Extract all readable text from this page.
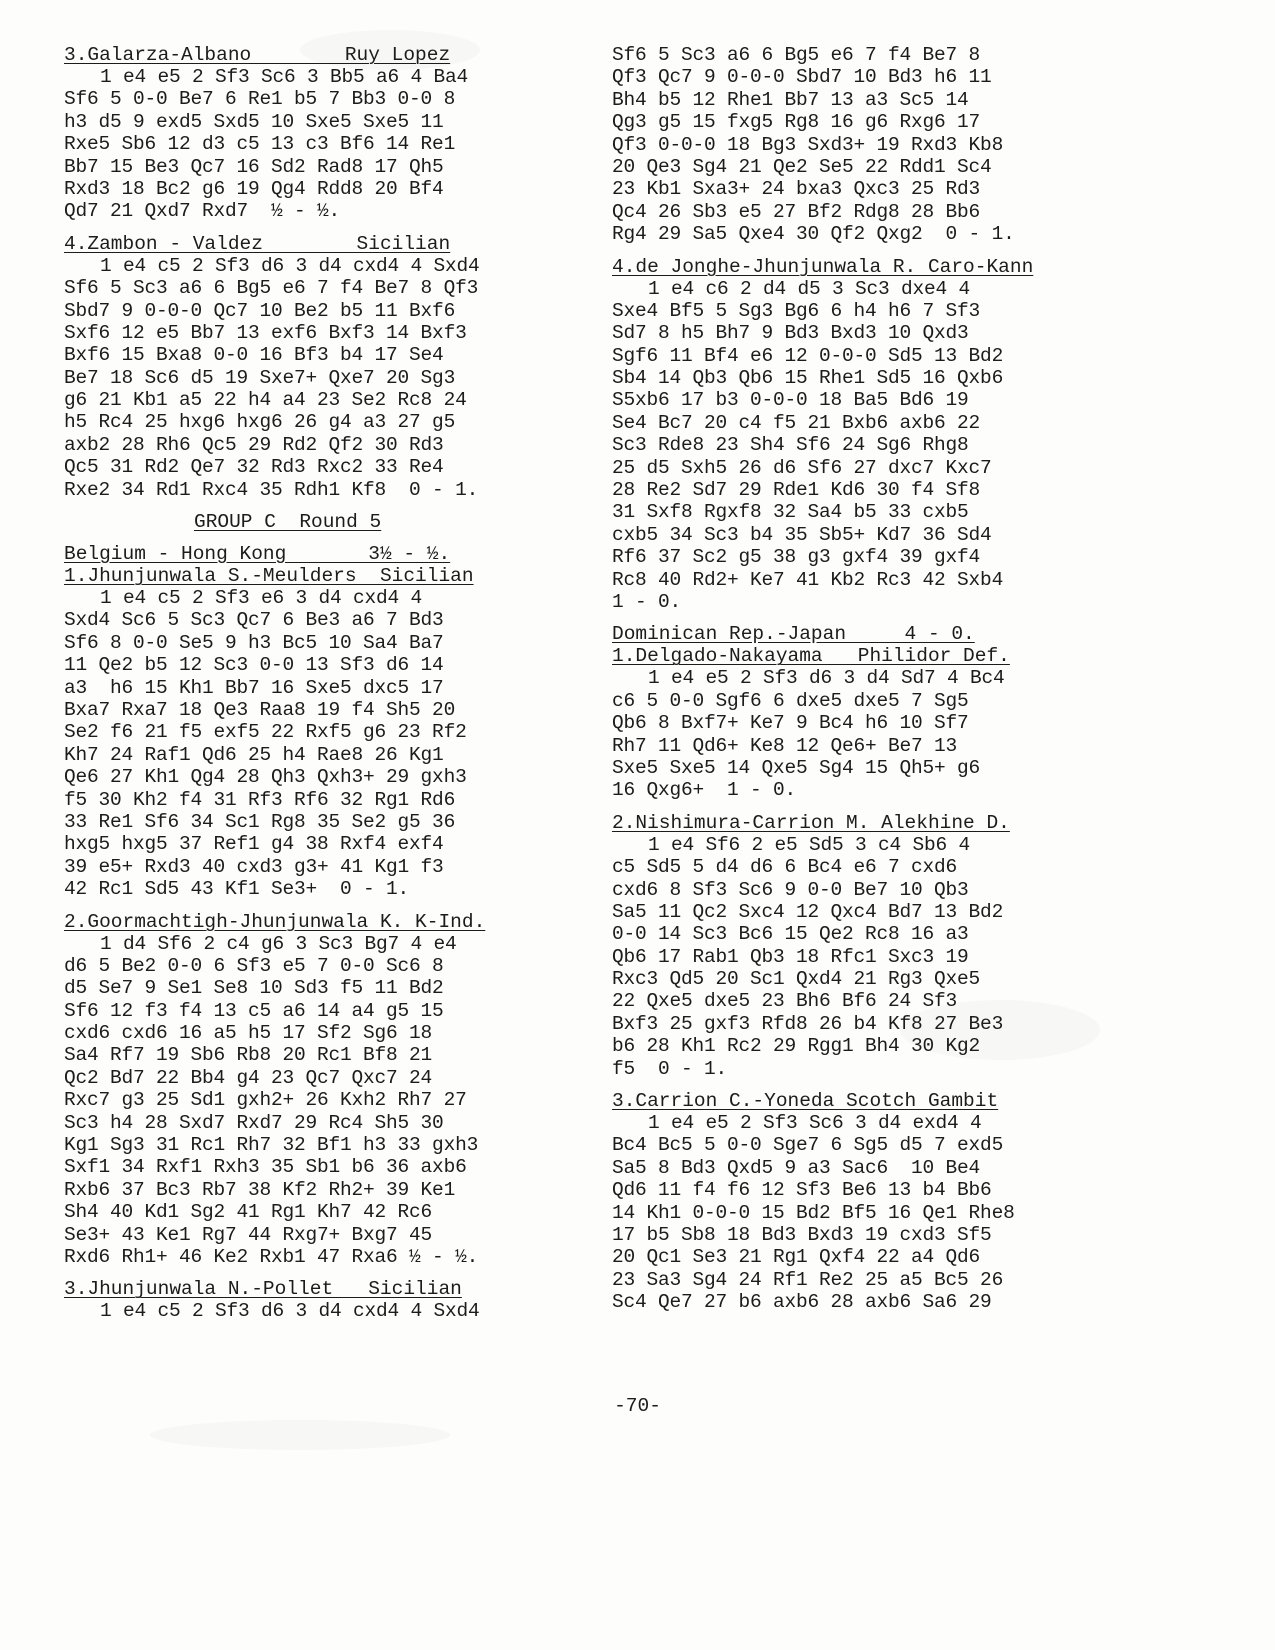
3.Galarza-Albano        Ruy Lopez
1 e4 e5 2 Sf3 Sc6 3 Bb5 a6 4 Ba4
Sf6 5 0-0 Be7 6 Re1 b5 7 Bb3 0-0 8
h3 d5 9 exd5 Sxd5 10 Sxe5 Sxe5 11
Rxe5 Sb6 12 d3 c5 13 c3 Bf6 14 Re1
Bb7 15 Be3 Qc7 16 Sd2 Rad8 17 Qh5
Rxd3 18 Bc2 g6 19 Qg4 Rdd8 20 Bf4
Qd7 21 Qxd7 Rxd7  ½ - ½.
4.Zambon - Valdez        Sicilian
1 e4 c5 2 Sf3 d6 3 d4 cxd4 4 Sxd4
Sf6 5 Sc3 a6 6 Bg5 e6 7 f4 Be7 8 Qf3
Sbd7 9 0-0-0 Qc7 10 Be2 b5 11 Bxf6
Sxf6 12 e5 Bb7 13 exf6 Bxf3 14 Bxf3
Bxf6 15 Bxa8 0-0 16 Bf3 b4 17 Se4
Be7 18 Sc6 d5 19 Sxe7+ Qxe7 20 Sg3
g6 21 Kb1 a5 22 h4 a4 23 Se2 Rc8 24
h5 Rc4 25 hxg6 hxg6 26 g4 a3 27 g5
axb2 28 Rh6 Qc5 29 Rd2 Qf2 30 Rd3
Qc5 31 Rd2 Qe7 32 Rd3 Rxc2 33 Re4
Rxe2 34 Rd1 Rxc4 35 Rdh1 Kf8  0 - 1.
GROUP C  Round 5
Belgium - Hong Kong       3½ - ½.
1.Jhunjunwala S.-Meulders  Sicilian
1 e4 c5 2 Sf3 e6 3 d4 cxd4 4
Sxd4 Sc6 5 Sc3 Qc7 6 Be3 a6 7 Bd3
Sf6 8 0-0 Se5 9 h3 Bc5 10 Sa4 Ba7
11 Qe2 b5 12 Sc3 0-0 13 Sf3 d6 14
a3  h6 15 Kh1 Bb7 16 Sxe5 dxc5 17
Bxa7 Rxa7 18 Qe3 Raa8 19 f4 Sh5 20
Se2 f6 21 f5 exf5 22 Rxf5 g6 23 Rf2
Kh7 24 Raf1 Qd6 25 h4 Rae8 26 Kg1
Qe6 27 Kh1 Qg4 28 Qh3 Qxh3+ 29 gxh3
f5 30 Kh2 f4 31 Rf3 Rf6 32 Rg1 Rd6
33 Re1 Sf6 34 Sc1 Rg8 35 Se2 g5 36
hxg5 hxg5 37 Ref1 g4 38 Rxf4 exf4
39 e5+ Rxd3 40 cxd3 g3+ 41 Kg1 f3
42 Rc1 Sd5 43 Kf1 Se3+  0 - 1.
2.Goormachtigh-Jhunjunwala K. K-Ind.
1 d4 Sf6 2 c4 g6 3 Sc3 Bg7 4 e4
d6 5 Be2 0-0 6 Sf3 e5 7 0-0 Sc6 8
d5 Se7 9 Se1 Se8 10 Sd3 f5 11 Bd2
Sf6 12 f3 f4 13 c5 a6 14 a4 g5 15
cxd6 cxd6 16 a5 h5 17 Sf2 Sg6 18
Sa4 Rf7 19 Sb6 Rb8 20 Rc1 Bf8 21
Qc2 Bd7 22 Bb4 g4 23 Qc7 Qxc7 24
Rxc7 g3 25 Sd1 gxh2+ 26 Kxh2 Rh7 27
Sc3 h4 28 Sxd7 Rxd7 29 Rc4 Sh5 30
Kg1 Sg3 31 Rc1 Rh7 32 Bf1 h3 33 gxh3
Sxf1 34 Rxf1 Rxh3 35 Sb1 b6 36 axb6
Rxb6 37 Bc3 Rb7 38 Kf2 Rh2+ 39 Ke1
Sh4 40 Kd1 Sg2 41 Rg1 Kh7 42 Rc6
Se3+ 43 Ke1 Rg7 44 Rxg7+ Bxg7 45
Rxd6 Rh1+ 46 Ke2 Rxb1 47 Rxa6 ½ - ½.
3.Jhunjunwala N.-Pollet   Sicilian
1 e4 c5 2 Sf3 d6 3 d4 cxd4 4 Sxd4
Sf6 5 Sc3 a6 6 Bg5 e6 7 f4 Be7 8
Qf3 Qc7 9 0-0-0 Sbd7 10 Bd3 h6 11
Bh4 b5 12 Rhe1 Bb7 13 a3 Sc5 14
Qg3 g5 15 fxg5 Rg8 16 g6 Rxg6 17
Qf3 0-0-0 18 Bg3 Sxd3+ 19 Rxd3 Kb8
20 Qe3 Sg4 21 Qe2 Se5 22 Rdd1 Sc4
23 Kb1 Sxa3+ 24 bxa3 Qxc3 25 Rd3
Qc4 26 Sb3 e5 27 Bf2 Rdg8 28 Bb6
Rg4 29 Sa5 Qxe4 30 Qf2 Qxg2  0 - 1.
4.de Jonghe-Jhunjunwala R. Caro-Kann
1 e4 c6 2 d4 d5 3 Sc3 dxe4 4
Sxe4 Bf5 5 Sg3 Bg6 6 h4 h6 7 Sf3
Sd7 8 h5 Bh7 9 Bd3 Bxd3 10 Qxd3
Sgf6 11 Bf4 e6 12 0-0-0 Sd5 13 Bd2
Sb4 14 Qb3 Qb6 15 Rhe1 Sd5 16 Qxb6
S5xb6 17 b3 0-0-0 18 Ba5 Bd6 19
Se4 Bc7 20 c4 f5 21 Bxb6 axb6 22
Sc3 Rde8 23 Sh4 Sf6 24 Sg6 Rhg8
25 d5 Sxh5 26 d6 Sf6 27 dxc7 Kxc7
28 Re2 Sd7 29 Rde1 Kd6 30 f4 Sf8
31 Sxf8 Rgxf8 32 Sa4 b5 33 cxb5
cxb5 34 Sc3 b4 35 Sb5+ Kd7 36 Sd4
Rf6 37 Sc2 g5 38 g3 gxf4 39 gxf4
Rc8 40 Rd2+ Ke7 41 Kb2 Rc3 42 Sxb4
1 - 0.
Dominican Rep.-Japan     4 - 0.
1.Delgado-Nakayama   Philidor Def.
1 e4 e5 2 Sf3 d6 3 d4 Sd7 4 Bc4
c6 5 0-0 Sgf6 6 dxe5 dxe5 7 Sg5
Qb6 8 Bxf7+ Ke7 9 Bc4 h6 10 Sf7
Rh7 11 Qd6+ Ke8 12 Qe6+ Be7 13
Sxe5 Sxe5 14 Qxe5 Sg4 15 Qh5+ g6
16 Qxg6+  1 - 0.
2.Nishimura-Carrion M. Alekhine D.
1 e4 Sf6 2 e5 Sd5 3 c4 Sb6 4
c5 Sd5 5 d4 d6 6 Bc4 e6 7 cxd6
cxd6 8 Sf3 Sc6 9 0-0 Be7 10 Qb3
Sa5 11 Qc2 Sxc4 12 Qxc4 Bd7 13 Bd2
0-0 14 Sc3 Bc6 15 Qe2 Rc8 16 a3
Qb6 17 Rab1 Qb3 18 Rfc1 Sxc3 19
Rxc3 Qd5 20 Sc1 Qxd4 21 Rg3 Qxe5
22 Qxe5 dxe5 23 Bh6 Bf6 24 Sf3
Bxf3 25 gxf3 Rfd8 26 b4 Kf8 27 Be3
b6 28 Kh1 Rc2 29 Rgg1 Bh4 30 Kg2
f5  0 - 1.
3.Carrion C.-Yoneda Scotch Gambit
1 e4 e5 2 Sf3 Sc6 3 d4 exd4 4
Bc4 Bc5 5 0-0 Sge7 6 Sg5 d5 7 exd5
Sa5 8 Bd3 Qxd5 9 a3 Sac6  10 Be4
Qd6 11 f4 f6 12 Sf3 Be6 13 b4 Bb6
14 Kh1 0-0-0 15 Bd2 Bf5 16 Qe1 Rhe8
17 b5 Sb8 18 Bd3 Bxd3 19 cxd3 Sf5
20 Qc1 Se3 21 Rg1 Qxf4 22 a4 Qd6
23 Sa3 Sg4 24 Rf1 Re2 25 a5 Bc5 26
Sc4 Qe7 27 b6 axb6 28 axb6 Sa6 29
-70-
